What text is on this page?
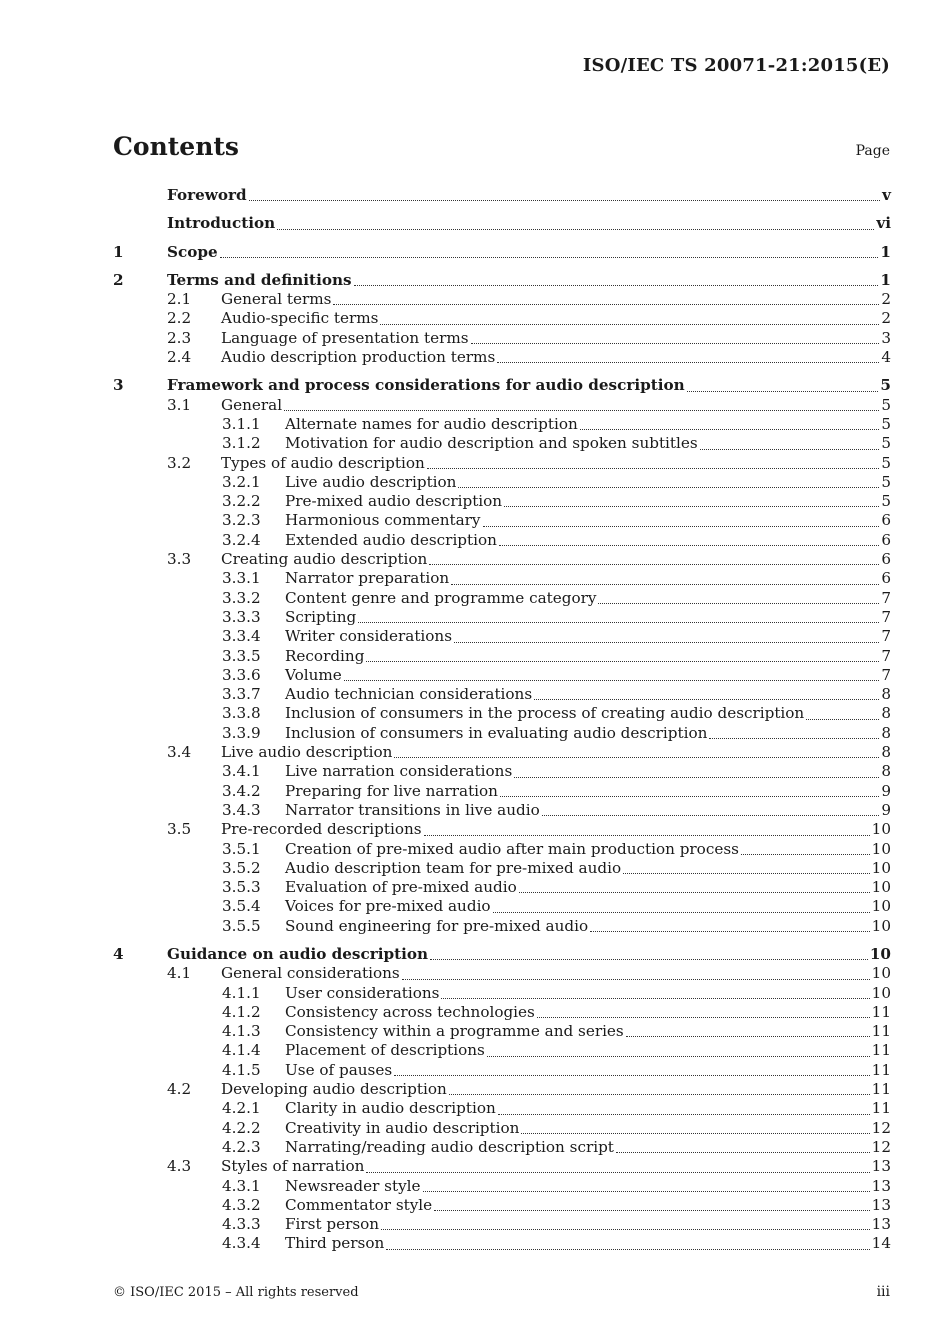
ISO/IEC TS 20071-21:2015(E)
Contents	Page
Foreword	v
Introduction	vi
1	Scope	1
2	Terms and definitions	1
2.1	General terms	2
2.2	Audio-specific terms	2
2.3	Language of presentation terms	3
2.4	Audio description production terms	4
3	Framework and process considerations for audio description	5
3.1	General	5
3.1.1	Alternate names for audio description	5
3.1.2	Motivation for audio description and spoken subtitles	5
3.2	Types of audio description	5
3.2.1	Live audio description	5
3.2.2	Pre-mixed audio description	5
3.2.3	Harmonious commentary	6
3.2.4	Extended audio description	6
3.3	Creating audio description	6
3.3.1	Narrator preparation	6
3.3.2	Content genre and programme category	7
3.3.3	Scripting	7
3.3.4	Writer considerations	7
3.3.5	Recording	7
3.3.6	Volume	7
3.3.7	Audio technician considerations	8
3.3.8	Inclusion of consumers in the process of creating audio description	8
3.3.9	Inclusion of consumers in evaluating audio description	8
3.4	Live audio description	8
3.4.1	Live narration considerations	8
3.4.2	Preparing for live narration	9
3.4.3	Narrator transitions in live audio	9
3.5	Pre-recorded descriptions	10
3.5.1	Creation of pre-mixed audio after main production process	10
3.5.2	Audio description team for pre-mixed audio	10
3.5.3	Evaluation of pre-mixed audio	10
3.5.4	Voices for pre-mixed audio	10
3.5.5	Sound engineering for pre-mixed audio	10
4	Guidance on audio description	10
4.1	General considerations	10
4.1.1	User considerations	10
4.1.2	Consistency across technologies	11
4.1.3	Consistency within a programme and series	11
4.1.4	Placement of descriptions	11
4.1.5	Use of pauses	11
4.2	Developing audio description	11
4.2.1	Clarity in audio description	11
4.2.2	Creativity in audio description	12
4.2.3	Narrating/reading audio description script	12
4.3	Styles of narration	13
4.3.1	Newsreader style	13
4.3.2	Commentator style	13
4.3.3	First person	13
4.3.4	Third person	14
© ISO/IEC 2015 – All rights reserved	iii
